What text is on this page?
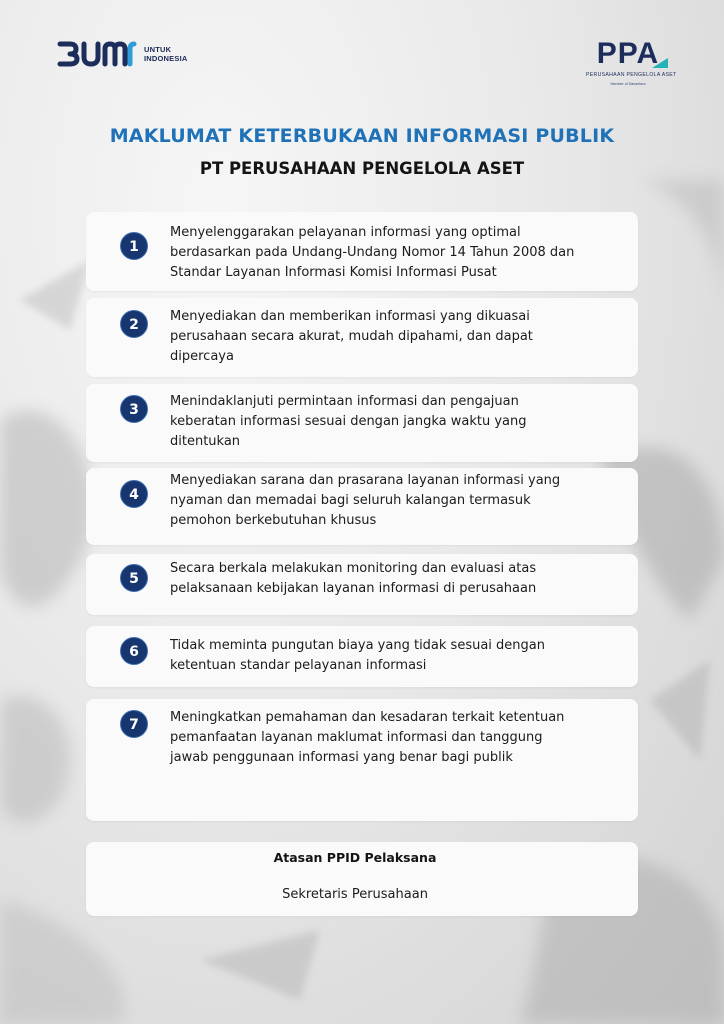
UNTUK
INDONESIA	PPA
PERUSAHAAN PENGELOLA ASET
Member of Danantara
MAKLUMAT KETERBUKAAN INFORMASI PUBLIK
PT PERUSAHAAN PENGELOLA ASET
1
Menyelenggarakan pelayanan informasi yang optimal
berdasarkan pada Undang-Undang Nomor 14 Tahun 2008 dan
Standar Layanan Informasi Komisi Informasi Pusat
2
Menyediakan dan memberikan informasi yang dikuasai
perusahaan secara akurat, mudah dipahami, dan dapat
dipercaya
3
Menindaklanjuti permintaan informasi dan pengajuan
keberatan informasi sesuai dengan jangka waktu yang
ditentukan
4
Menyediakan sarana dan prasarana layanan informasi yang
nyaman dan memadai bagi seluruh kalangan termasuk
pemohon berkebutuhan khusus
5
Secara berkala melakukan monitoring dan evaluasi atas
pelaksanaan kebijakan layanan informasi di perusahaan
6	Tidak meminta pungutan biaya yang tidak sesuai dengan
ketentuan standar pelayanan informasi
7	Meningkatkan pemahaman dan kesadaran terkait ketentuan
pemanfaatan layanan maklumat informasi dan tanggung
jawab penggunaan informasi yang benar bagi publik
Atasan PPID Pelaksana
Sekretaris Perusahaan
